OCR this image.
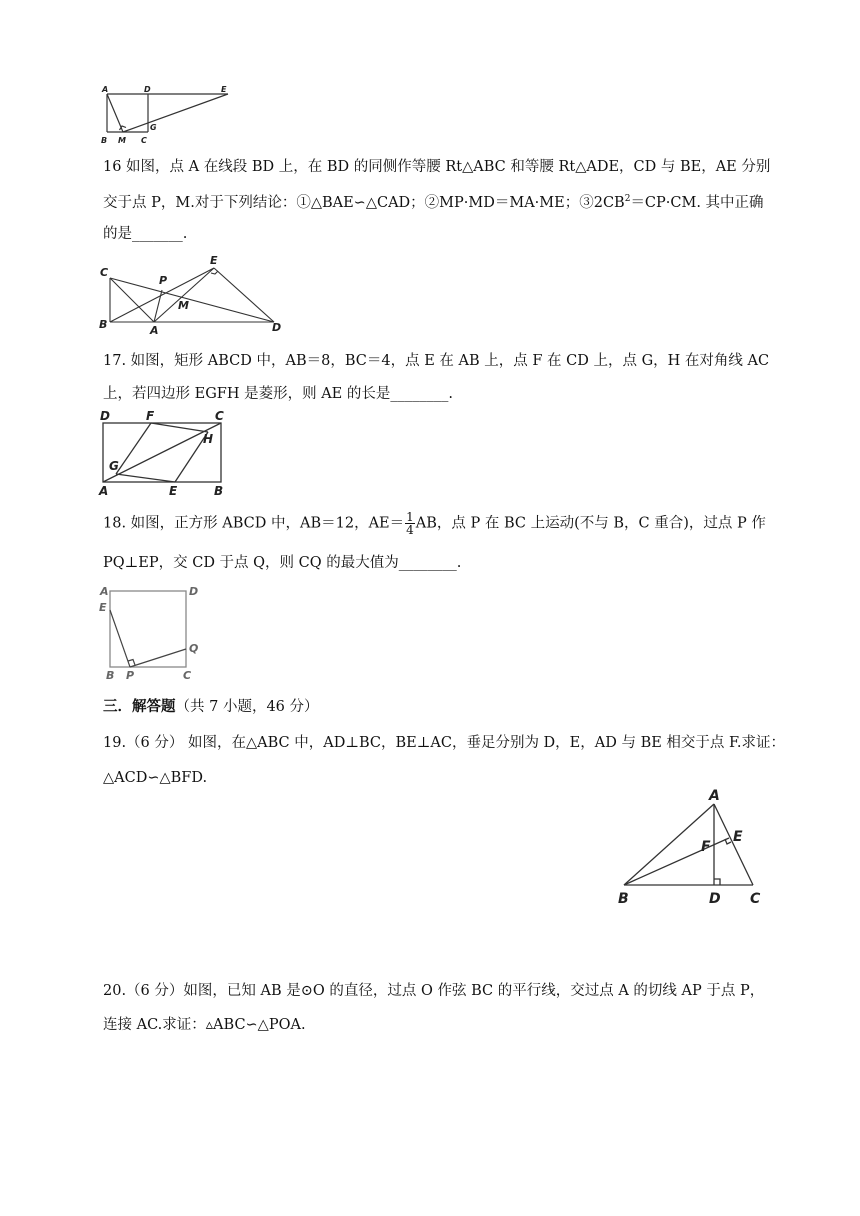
A	D	E
B M C
G
16 如图，点 A 在线段 BD 上，在 BD 的同侧作等腰 Rt△ABC 和等腰 Rt△ADE，CD 与 BE，AE 分别
交于点 P，M.对于下列结论：①△BAE∽△CAD；②MP·MD＝MA·ME；$③2CB^2=CP\cdot CM$. 其中正确
的是_______.
C
P
E
M
B	A	D
17. 如图，矩形 ABCD 中，AB＝8，BC＝4，点 E 在 AB 上，点 F 在 CD 上，点 G，H 在对角线 AC
上，若四边形 EGFH 是菱形，则 AE 的长是________.
D	F	C
H
G
A	E	B
18. 如图，正方形 ABCD 中，AB＝12，$AE= \frac{1}{4}$ AB，点 P 在 BC 上运动(不与 B，C 重合)，过点 P 作
PQ⊥EP，交 CD 于点 Q，则 CQ 的最大值为________.
A	D
E
Q
B P	C
三．解答题（共 7 小题，46 分）
19.（6 分） 如图，在△ABC 中，AD⊥BC，BE⊥AC，垂足分别为 D，E，AD 与 BE 相交于点 F.求证：
△ACD∽△BFD.
A
E
F
B	D C
20.（6 分）如图，已知 AB 是⊙O 的直径，过点 O 作弦 BC 的平行线，交过点 A 的切线 AP 于点 P，
连接 AC.求证：▵ABC∽△POA.
